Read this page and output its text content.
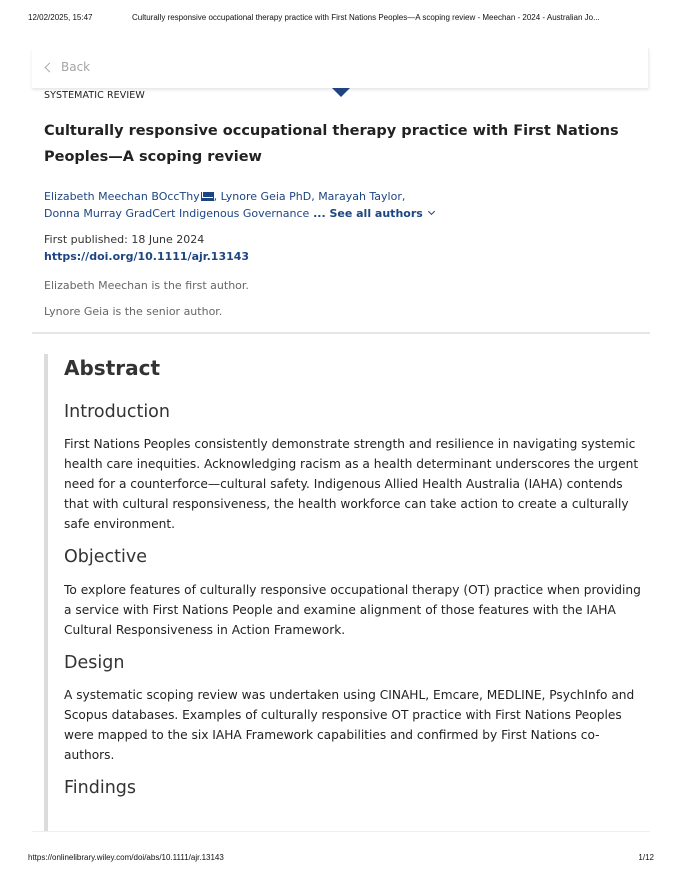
12/02/2025, 15:47	Culturally responsive occupational therapy practice with First Nations Peoples—A scoping review - Meechan - 2024 - Australian Jo...
Back
SYSTEMATIC REVIEW
Culturally responsive occupational therapy practice with First Nations Peoples—A scoping review
Elizabeth Meechan BOccThy , Lynore Geia PhD, Marayah Taylor,
Donna Murray GradCert Indigenous Governance ... See all authors
First published: 18 June 2024
https://doi.org/10.1111/ajr.13143
Elizabeth Meechan is the first author.
Lynore Geia is the senior author.
Abstract
Introduction

First Nations Peoples consistently demonstrate strength and resilience in navigating systemic health care inequities. Acknowledging racism as a health determinant underscores the urgent need for a counterforce—cultural safety. Indigenous Allied Health Australia (IAHA) contends that with cultural responsiveness, the health workforce can take action to create a culturally safe environment.

Objective

To explore features of culturally responsive occupational therapy (OT) practice when providing a service with First Nations People and examine alignment of those features with the IAHA Cultural Responsiveness in Action Framework.

Design

A systematic scoping review was undertaken using CINAHL, Emcare, MEDLINE, PsychInfo and Scopus databases. Examples of culturally responsive OT practice with First Nations Peoples were mapped to the six IAHA Framework capabilities and confirmed by First Nations co-authors.

Findings
https://onlinelibrary.wiley.com/doi/abs/10.1111/ajr.13143	1/12
